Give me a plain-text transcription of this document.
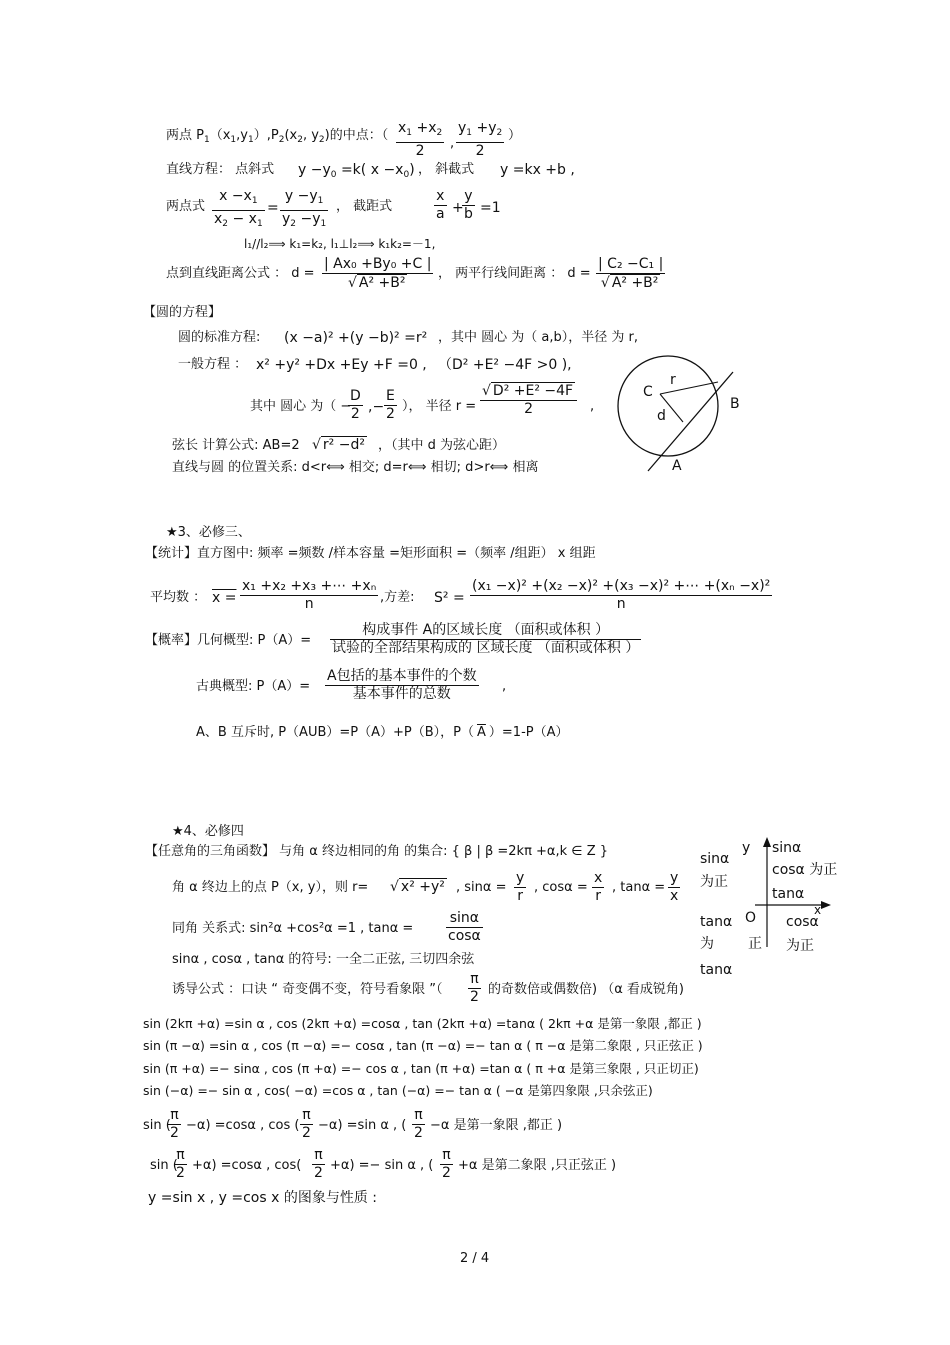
两点 $P_1(x_1,y_1),P_2(x_2$, $y_2$)的中点：（ $x_1 +x_2$
2	,
$y_1 +y_2$
2
）
直线方程： 点斜式 $y -y_0 =k$( $x -x_0$) ， 斜截式 y =kx +b ,
两点式
$x -x_1$
$x_2 - x_1$
=
$y -y_1$
$y_2 -y_1$
， 截距式
x
a +
y
b =1
l₁//l₂⟹ k₁=k₂, l₁⊥l₂⟹ k₁k₂=－1,
点到直线距离公式 ： d =
| Ax₀ +By₀ +C |
√ A² +B²
， 两平行线间距离 ： d =
| C₂ −C₁ |
√ A² +B²
【圆的方程】
圆的标准方程: (x −a)² +(y −b)² =r² ，其中 圆心 为（ a,b），半径 为 r,
一般方程 ： x² +y² +Dx +Ey +F =0 , （D² +E² −4F >0 ),
其中 圆心 为（ −
D
2 ,−
E
2 ）， 半径 r =
√ D² +E² −4F
2	,
弦长 计算公式: AB=2 √ r² −d² ，（其中 d 为弦心距）
直线与圆 的位置关系: d<r⟺ 相交; d=r⟺ 相切; d>r⟺ 相离
C
r
d
B
A
★3、必修三、
【统计】直方图中: 频率 =频数 /样本容量 =矩形面积 =（频率 /组距） x 组距
平均数 ： x =
x₁ +x₂ +x₃ +⋯ +xₙ
n	,方差: S² =
(x₁ −x)² +(x₂ −x)² +(x₃ −x)² +⋯ +(xₙ −x)²
n
【概率】几何概型: P（A）=
构成事件 A的区域长度 （面积或体积 ）
试验的全部结果构成的 区域长度 （面积或体积 ）
古典概型: P（A）=
A包括的基本事件的个数
基本事件的总数	,
A、B 互斥时, P（AUB）=P（A）+P（B），P（ $\overline{A}$ ）=1-P（A）
★4、必修四
【任意角的三角函数】 与角 α 终边相同的角 的集合: { β | β =2kπ +α,k ∈ Z }
角 α 终边上的点 P（x, y），则 r= √ x² +y² , sinα =
y
r
, cosα =
x
r
, tanα =
y
x
同角 关系式: sin²α +cos²α =1 , tanα =
sinα
cosα
sinα , cosα , tanα 的符号: 一全二正弦, 三切四余弦
诱导公式 ：口诀 “ 奇变偶不变，符号看象限 ”（
π
2 的奇数倍或偶数倍) （α 看成锐角)
sin (2kπ +α) =sin α , cos (2kπ +α) =cosα , tan (2kπ +α) =tanα ( 2kπ +α 是第一象限 ,都正 )
sin (π −α) =sin α , cos (π −α) =− cosα , tan (π −α) =− tan α ( π −α 是第二象限 , 只正弦正 )
sin (π +α) =− sinα , cos (π +α) =− cos α , tan (π +α) =tan α ( π +α 是第三象限 , 只正切正)
sin (−α) =− sin α , cos( −α) =cos α , tan (−α) =− tan α ( −α 是第四象限 ,只余弦正)
sin (
π
2 −α) =cosα , cos (
π
2 −α) =sin α , (
π
2 −α 是第一象限 ,都正 )
sin (
π
2 +α) =cosα , cos(
π
2 +α) =− sin α , (
π
2 +α 是第二象限 ,只正弦正 )
y =sin x , y =cos x 的图象与性质 :
y
x
O
sinα
cosα 为正
tanα
sinα
为正
tanα
为 正
tanα
cosα
为正
2 / 4
